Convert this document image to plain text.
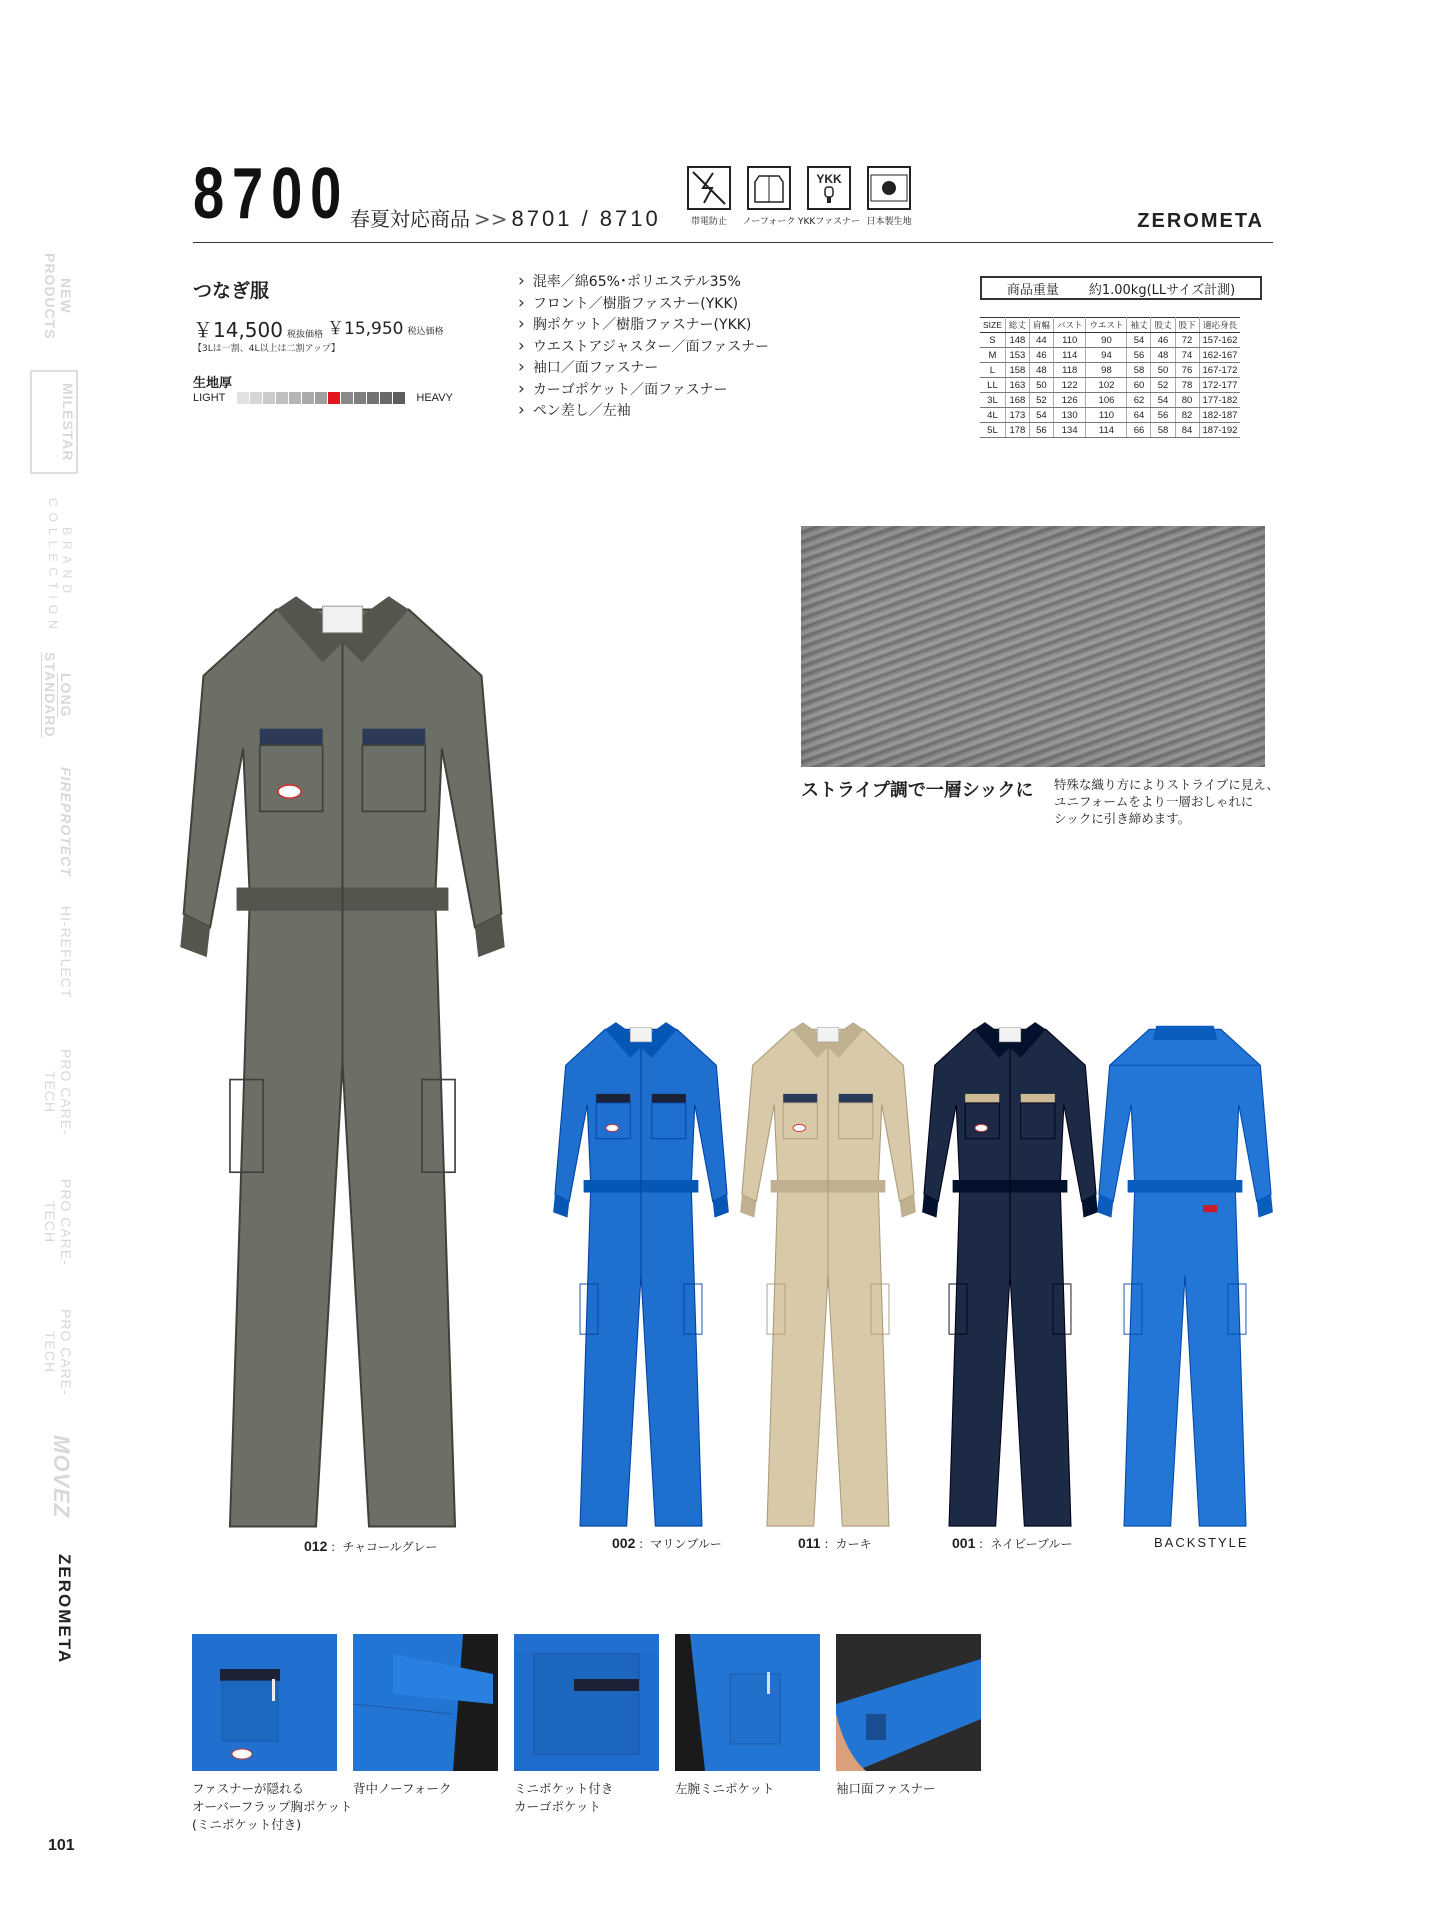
NEW PRODUCTS
MILESTAR
BRAND COLLECTION
LONG STANDARD
FIREPROTECT
HI-REFLECT
PRO CARE-TECH
PRO CARE-TECH
PRO CARE-TECH
MOVEZ
ZEROMETA
8700 春夏対応商品 >> 8701 / 8710	帯電防止 ノーフォーク
YKK
YKKファスナー 日本製生地	ZEROMETA
つなぎ服
￥14,500 税抜価格 ￥15,950 税込価格
【3Lは一割、4L以上は二割アップ】
生地厚
LIGHT	HEAVY
› 混率／綿65%･ポリエステル35%
› フロント／樹脂ファスナー(YKK)
› 胸ポケット／樹脂ファスナー(YKK)
› ウエストアジャスター／面ファスナー
› 袖口／面ファスナー
› カーゴポケット／面ファスナー
› ペン差し／左袖
商品重量 約1.00kg(LLサイズ計測)
SIZE	総丈	肩幅	バスト	ウエスト	袖丈	股丈	股下	適応身長
S	148	44	110	90	54	46	72	157-162
M	153	46	114	94	56	48	74	162-167
L	158	48	118	98	58	50	76	167-172
LL	163	50	122	102	60	52	78	172-177
3L	168	52	126	106	62	54	80	177-182
4L	173	54	130	110	64	56	82	182-187
5L	178	56	134	114	66	58	84	187-192
ストライプ調で一層シックに 特殊な織り方によりストライプに見え、
ユニフォームをより一層おしゃれに
シックに引き締めます。
012 ：チャコールグレー	002 ：マリンブルー	011 ：カーキ	001 ：ネイビーブルー	BACKSTYLE
ファスナーが隠れる
オーバーフラップ胸ポケット
(ミニポケット付き)
背中ノーフォーク	ミニポケット付き
カーゴポケット
左腕ミニポケット	袖口面ファスナー
101
